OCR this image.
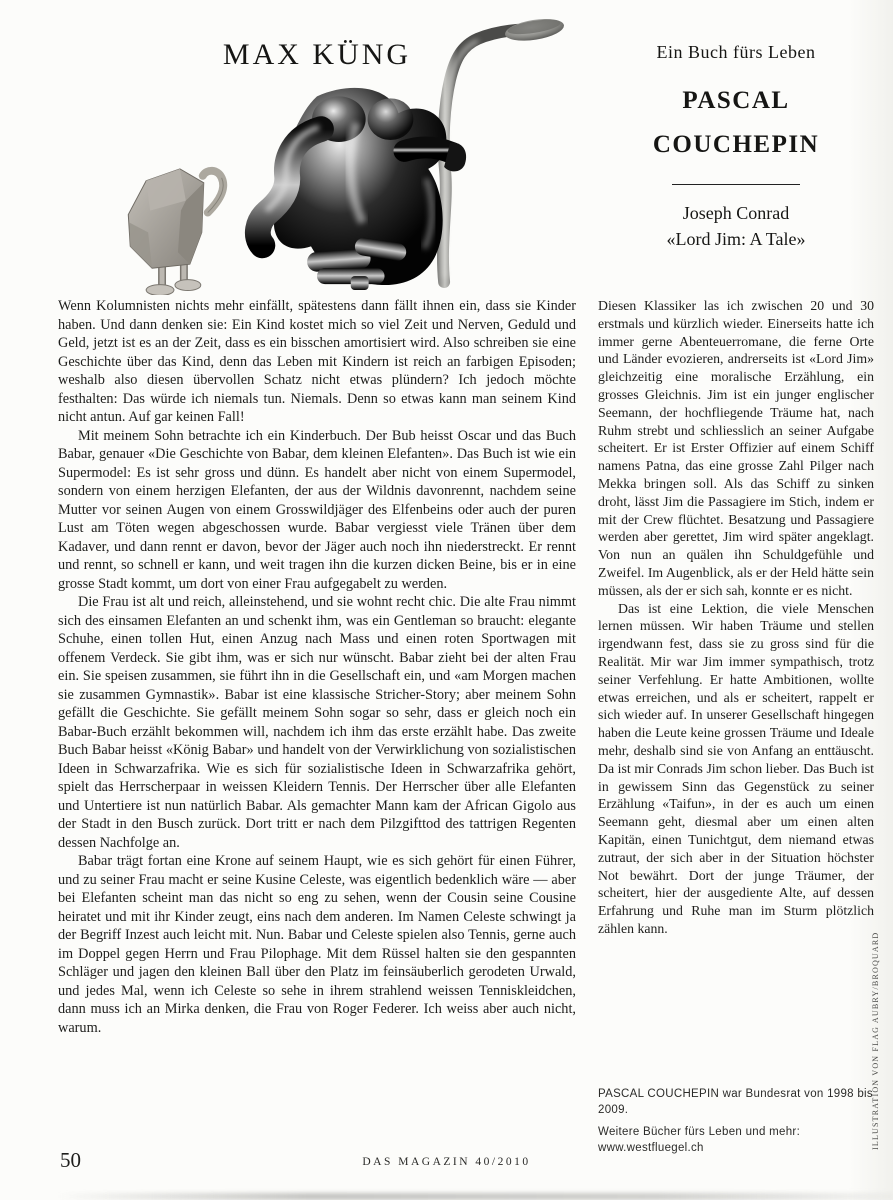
MAX KÜNG

Wenn Kolumnisten nichts mehr einfällt, spätestens dann fällt ihnen ein, dass sie Kinder haben. Und dann denken sie: Ein Kind kostet mich so viel Zeit und Nerven, Geduld und Geld, jetzt ist es an der Zeit, dass es ein bisschen amortisiert wird. Also schreiben sie eine Geschichte über das Kind, denn das Leben mit Kindern ist reich an farbigen Episoden; weshalb also diesen übervollen Schatz nicht etwas plündern? Ich jedoch möchte festhalten: Das würde ich niemals tun. Niemals. Denn so etwas kann man seinem Kind nicht antun. Auf gar keinen Fall!

Mit meinem Sohn betrachte ich ein Kinderbuch. Der Bub heisst Oscar und das Buch Babar, genauer «Die Geschichte von Babar, dem kleinen Elefanten». Das Buch ist wie ein Supermodel: Es ist sehr gross und dünn. Es handelt aber nicht von einem Supermodel, sondern von einem herzigen Elefanten, der aus der Wildnis davonrennt, nachdem seine Mutter vor seinen Augen von einem Grosswildjäger des Elfenbeins oder auch der puren Lust am Töten wegen abgeschossen wurde. Babar vergiesst viele Tränen über dem Kadaver, und dann rennt er davon, bevor der Jäger auch noch ihn niederstreckt. Er rennt und rennt, so schnell er kann, und weit tragen ihn die kurzen dicken Beine, bis er in eine grosse Stadt kommt, um dort von einer Frau aufgegabelt zu werden.

Die Frau ist alt und reich, alleinstehend, und sie wohnt recht chic. Die alte Frau nimmt sich des einsamen Elefanten an und schenkt ihm, was ein Gentleman so braucht: elegante Schuhe, einen tollen Hut, einen Anzug nach Mass und einen roten Sportwagen mit offenem Verdeck. Sie gibt ihm, was er sich nur wünscht. Babar zieht bei der alten Frau ein. Sie speisen zusammen, sie führt ihn in die Gesellschaft ein, und «am Morgen machen sie zusammen Gymnastik». Babar ist eine klassische Stricher-Story; aber meinem Sohn gefällt die Geschichte. Sie gefällt meinem Sohn sogar so sehr, dass er gleich noch ein Babar-Buch erzählt bekommen will, nachdem ich ihm das erste erzählt habe. Das zweite Buch Babar heisst «König Babar» und handelt von der Verwirklichung von sozialistischen Ideen in Schwarzafrika. Wie es sich für sozialistische Ideen in Schwarzafrika gehört, spielt das Herrscherpaar in weissen Kleidern Tennis. Der Herrscher über alle Elefanten und Untertiere ist nun natürlich Babar. Als gemachter Mann kam der African Gigolo aus der Stadt in den Busch zurück. Dort tritt er nach dem Pilzgifttod des tattrigen Regenten dessen Nachfolge an.

Babar trägt fortan eine Krone auf seinem Haupt, wie es sich gehört für einen Führer, und zu seiner Frau macht er seine Kusine Celeste, was eigentlich bedenklich wäre — aber bei Elefanten scheint man das nicht so eng zu sehen, wenn der Cousin seine Cousine heiratet und mit ihr Kinder zeugt, eins nach dem anderen. Im Namen Celeste schwingt ja der Begriff Inzest auch leicht mit. Nun. Babar und Celeste spielen also Tennis, gerne auch im Doppel gegen Herrn und Frau Pilophage. Mit dem Rüssel halten sie den gespannten Schläger und jagen den kleinen Ball über den Platz im feinsäuberlich gerodeten Urwald, und jedes Mal, wenn ich Celeste so sehe in ihrem strahlend weissen Tenniskleidchen, dann muss ich an Mirka denken, die Frau von Roger Federer. Ich weiss aber auch nicht, warum.

Ein Buch fürs Leben
PASCAL
COUCHEPIN
Joseph Conrad
«Lord Jim: A Tale»

Diesen Klassiker las ich zwischen 20 und 30 erstmals und kürzlich wieder. Einerseits hatte ich immer gerne Abenteuerromane, die ferne Orte und Länder evozieren, andrerseits ist «Lord Jim» gleichzeitig eine moralische Erzählung, ein grosses Gleichnis. Jim ist ein junger englischer Seemann, der hochfliegende Träume hat, nach Ruhm strebt und schliesslich an seiner Aufgabe scheitert. Er ist Erster Offizier auf einem Schiff namens Patna, das eine grosse Zahl Pilger nach Mekka bringen soll. Als das Schiff zu sinken droht, lässt Jim die Passagiere im Stich, indem er mit der Crew flüchtet. Besatzung und Passagiere werden aber gerettet, Jim wird später angeklagt. Von nun an quälen ihn Schuldgefühle und Zweifel. Im Augenblick, als er der Held hätte sein müssen, als der er sich sah, konnte er es nicht.

Das ist eine Lektion, die viele Menschen lernen müssen. Wir haben Träume und stellen irgendwann fest, dass sie zu gross sind für die Realität. Mir war Jim immer sympathisch, trotz seiner Verfehlung. Er hatte Ambitionen, wollte etwas erreichen, und als er scheitert, rappelt er sich wieder auf. In unserer Gesellschaft hingegen haben die Leute keine grossen Träume und Ideale mehr, deshalb sind sie von Anfang an enttäuscht. Da ist mir Conrads Jim schon lieber. Das Buch ist in gewissem Sinn das Gegenstück zu seiner Erzählung «Taifun», in der es auch um einen Seemann geht, diesmal aber um einen alten Kapitän, einen Tunichtgut, dem niemand etwas zutraut, der sich aber in der Situation höchster Not bewährt. Dort der junge Träumer, der scheitert, hier der ausgediente Alte, auf dessen Erfahrung und Ruhe man im Sturm plötzlich zählen kann.

PASCAL COUCHEPIN war Bundesrat von 1998 bis 2009.
Weitere Bücher fürs Leben und mehr:
www.westfluegel.ch
50	DAS MAGAZIN 40/2010
ILLUSTRATION VON FLAG AUBRY/BROQUARD
